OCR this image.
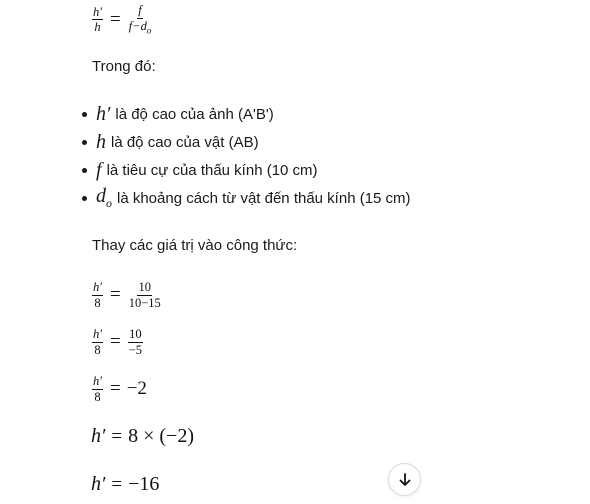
$\frac{h'}{h} = \frac{f}{f-d_o}$
Trong đó:
h′ là độ cao của ảnh (A'B')
h là độ cao của vật (AB)
f là tiêu cự của thấu kính (10 cm)
$d_o$ là khoảng cách từ vật đến thấu kính (15 cm)
Thay các giá trị vào công thức:
$\frac{h'}{8} = \frac{10}{10-15}$
$\frac{h'}{8} = \frac{10}{-5}$
$\frac{h'}{8} = -2$
h′ = 8 × (−2)
h′ = −16
